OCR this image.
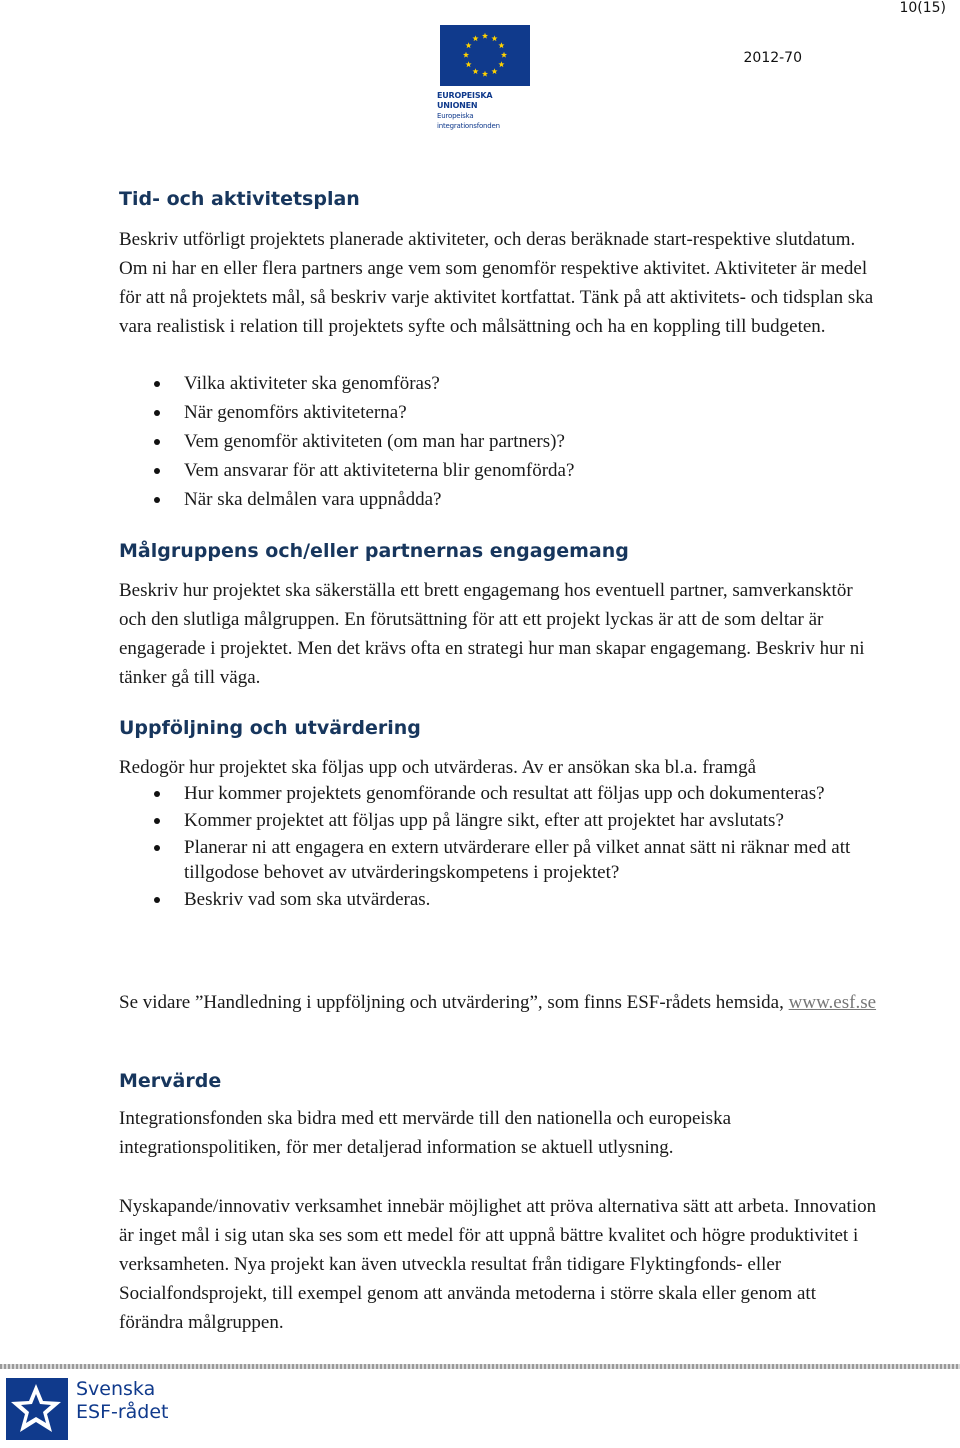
10(15)
2012-70
EUROPEISKA UNIONEN
Europeiska integrationsfonden
Tid- och aktivitetsplan

Beskriv utförligt projektets planerade aktiviteter, och deras beräknade start-respektive slutdatum. Om ni har en eller flera partners ange vem som genomför respektive aktivitet. Aktiviteter är medel för att nå projektets mål, så beskriv varje aktivitet kortfattat. Tänk på att aktivitets- och tidsplan ska vara realistisk i relation till projektets syfte och målsättning och ha en koppling till budgeten.

Vilka aktiviteter ska genomföras?
När genomförs aktiviteterna?
Vem genomför aktiviteten (om man har partners)?
Vem ansvarar för att aktiviteterna blir genomförda?
När ska delmålen vara uppnådda?
Målgruppens och/eller partnernas engagemang

Beskriv hur projektet ska säkerställa ett brett engagemang hos eventuell partner, samverkansktör och den slutliga målgruppen. En förutsättning för att ett projekt lyckas är att de som deltar är engagerade i projektet. Men det krävs ofta en strategi hur man skapar engagemang. Beskriv hur ni tänker gå till väga.

Uppföljning och utvärdering

Redogör hur projektet ska följas upp och utvärderas. Av er ansökan ska bl.a. framgå

Hur kommer projektets genomförande och resultat att följas upp och dokumenteras?
Kommer projektet att följas upp på längre sikt, efter att projektet har avslutats?
Planerar ni att engagera en extern utvärderare eller på vilket annat sätt ni räknar med att tillgodose behovet av utvärderingskompetens i projektet?
Beskriv vad som ska utvärderas.

Se vidare ”Handledning i uppföljning och utvärdering”, som finns ESF-rådets hemsida, www.esf.se

Mervärde

Integrationsfonden ska bidra med ett mervärde till den nationella och europeiska integrationspolitiken, för mer detaljerad information se aktuell utlysning.

Nyskapande/innovativ verksamhet innebär möjlighet att pröva alternativa sätt att arbeta. Innovation är inget mål i sig utan ska ses som ett medel för att uppnå bättre kvalitet och högre produktivitet i verksamheten. Nya projekt kan även utveckla resultat från tidigare Flyktingfonds- eller Socialfondsprojekt, till exempel genom att använda metoderna i större skala eller genom att förändra målgruppen.

Svenska
ESF-rådet
